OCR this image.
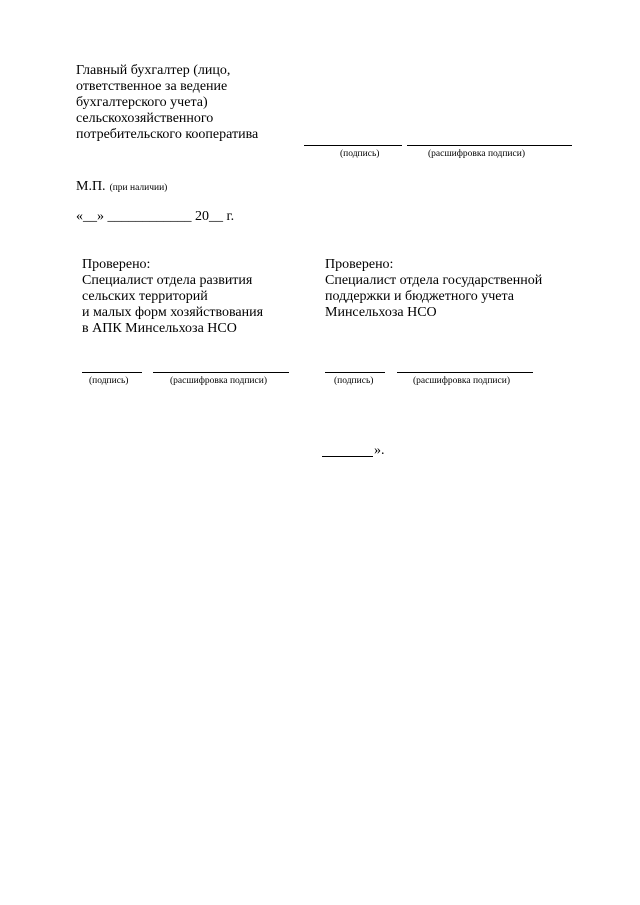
Главный бухгалтер (лицо,
ответственное за ведение
бухгалтерского учета)
сельскохозяйственного
потребительского кооператива
(подпись)	(расшифровка подписи)
М.П. (при наличии)
«__» ____________ 20__ г.
Проверено:
Специалист отдела развития
сельских территорий
и малых форм хозяйствования
в АПК Минсельхоза НСО
(подпись)	(расшифровка подписи)
Проверено:
Специалист отдела государственной
поддержки и бюджетного учета
Минсельхоза НСО
(подпись)	(расшифровка подписи)
».
